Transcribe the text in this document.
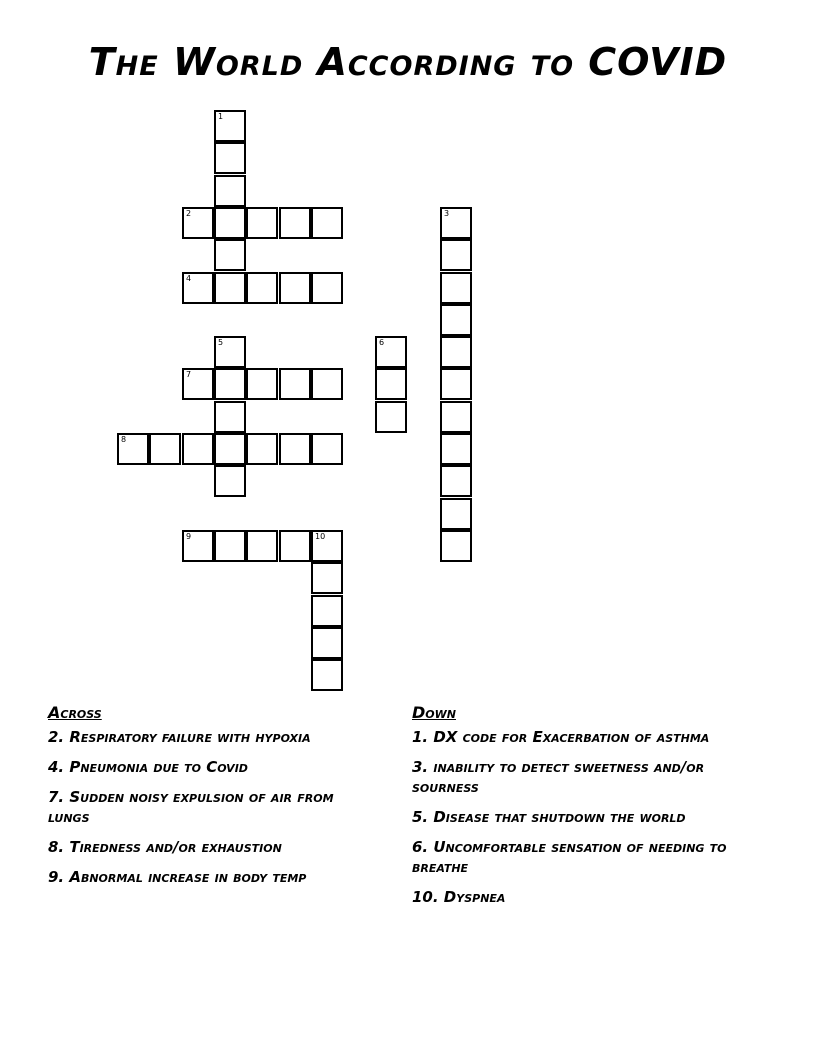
The World According to COVID
1
2	3
4
5	6
7
8
9	10
Across
2. Respiratory failure with hypoxia
4. Pneumonia due to Covid
7. Sudden noisy expulsion of air from lungs
8. Tiredness and/or exhaustion
9. Abnormal increase in body temp
Down
1. DX code for Exacerbation of asthma
3. inability to detect sweetness and/or sourness
5. Disease that shutdown the world
6. Uncomfortable sensation of needing to breathe
10. Dyspnea
